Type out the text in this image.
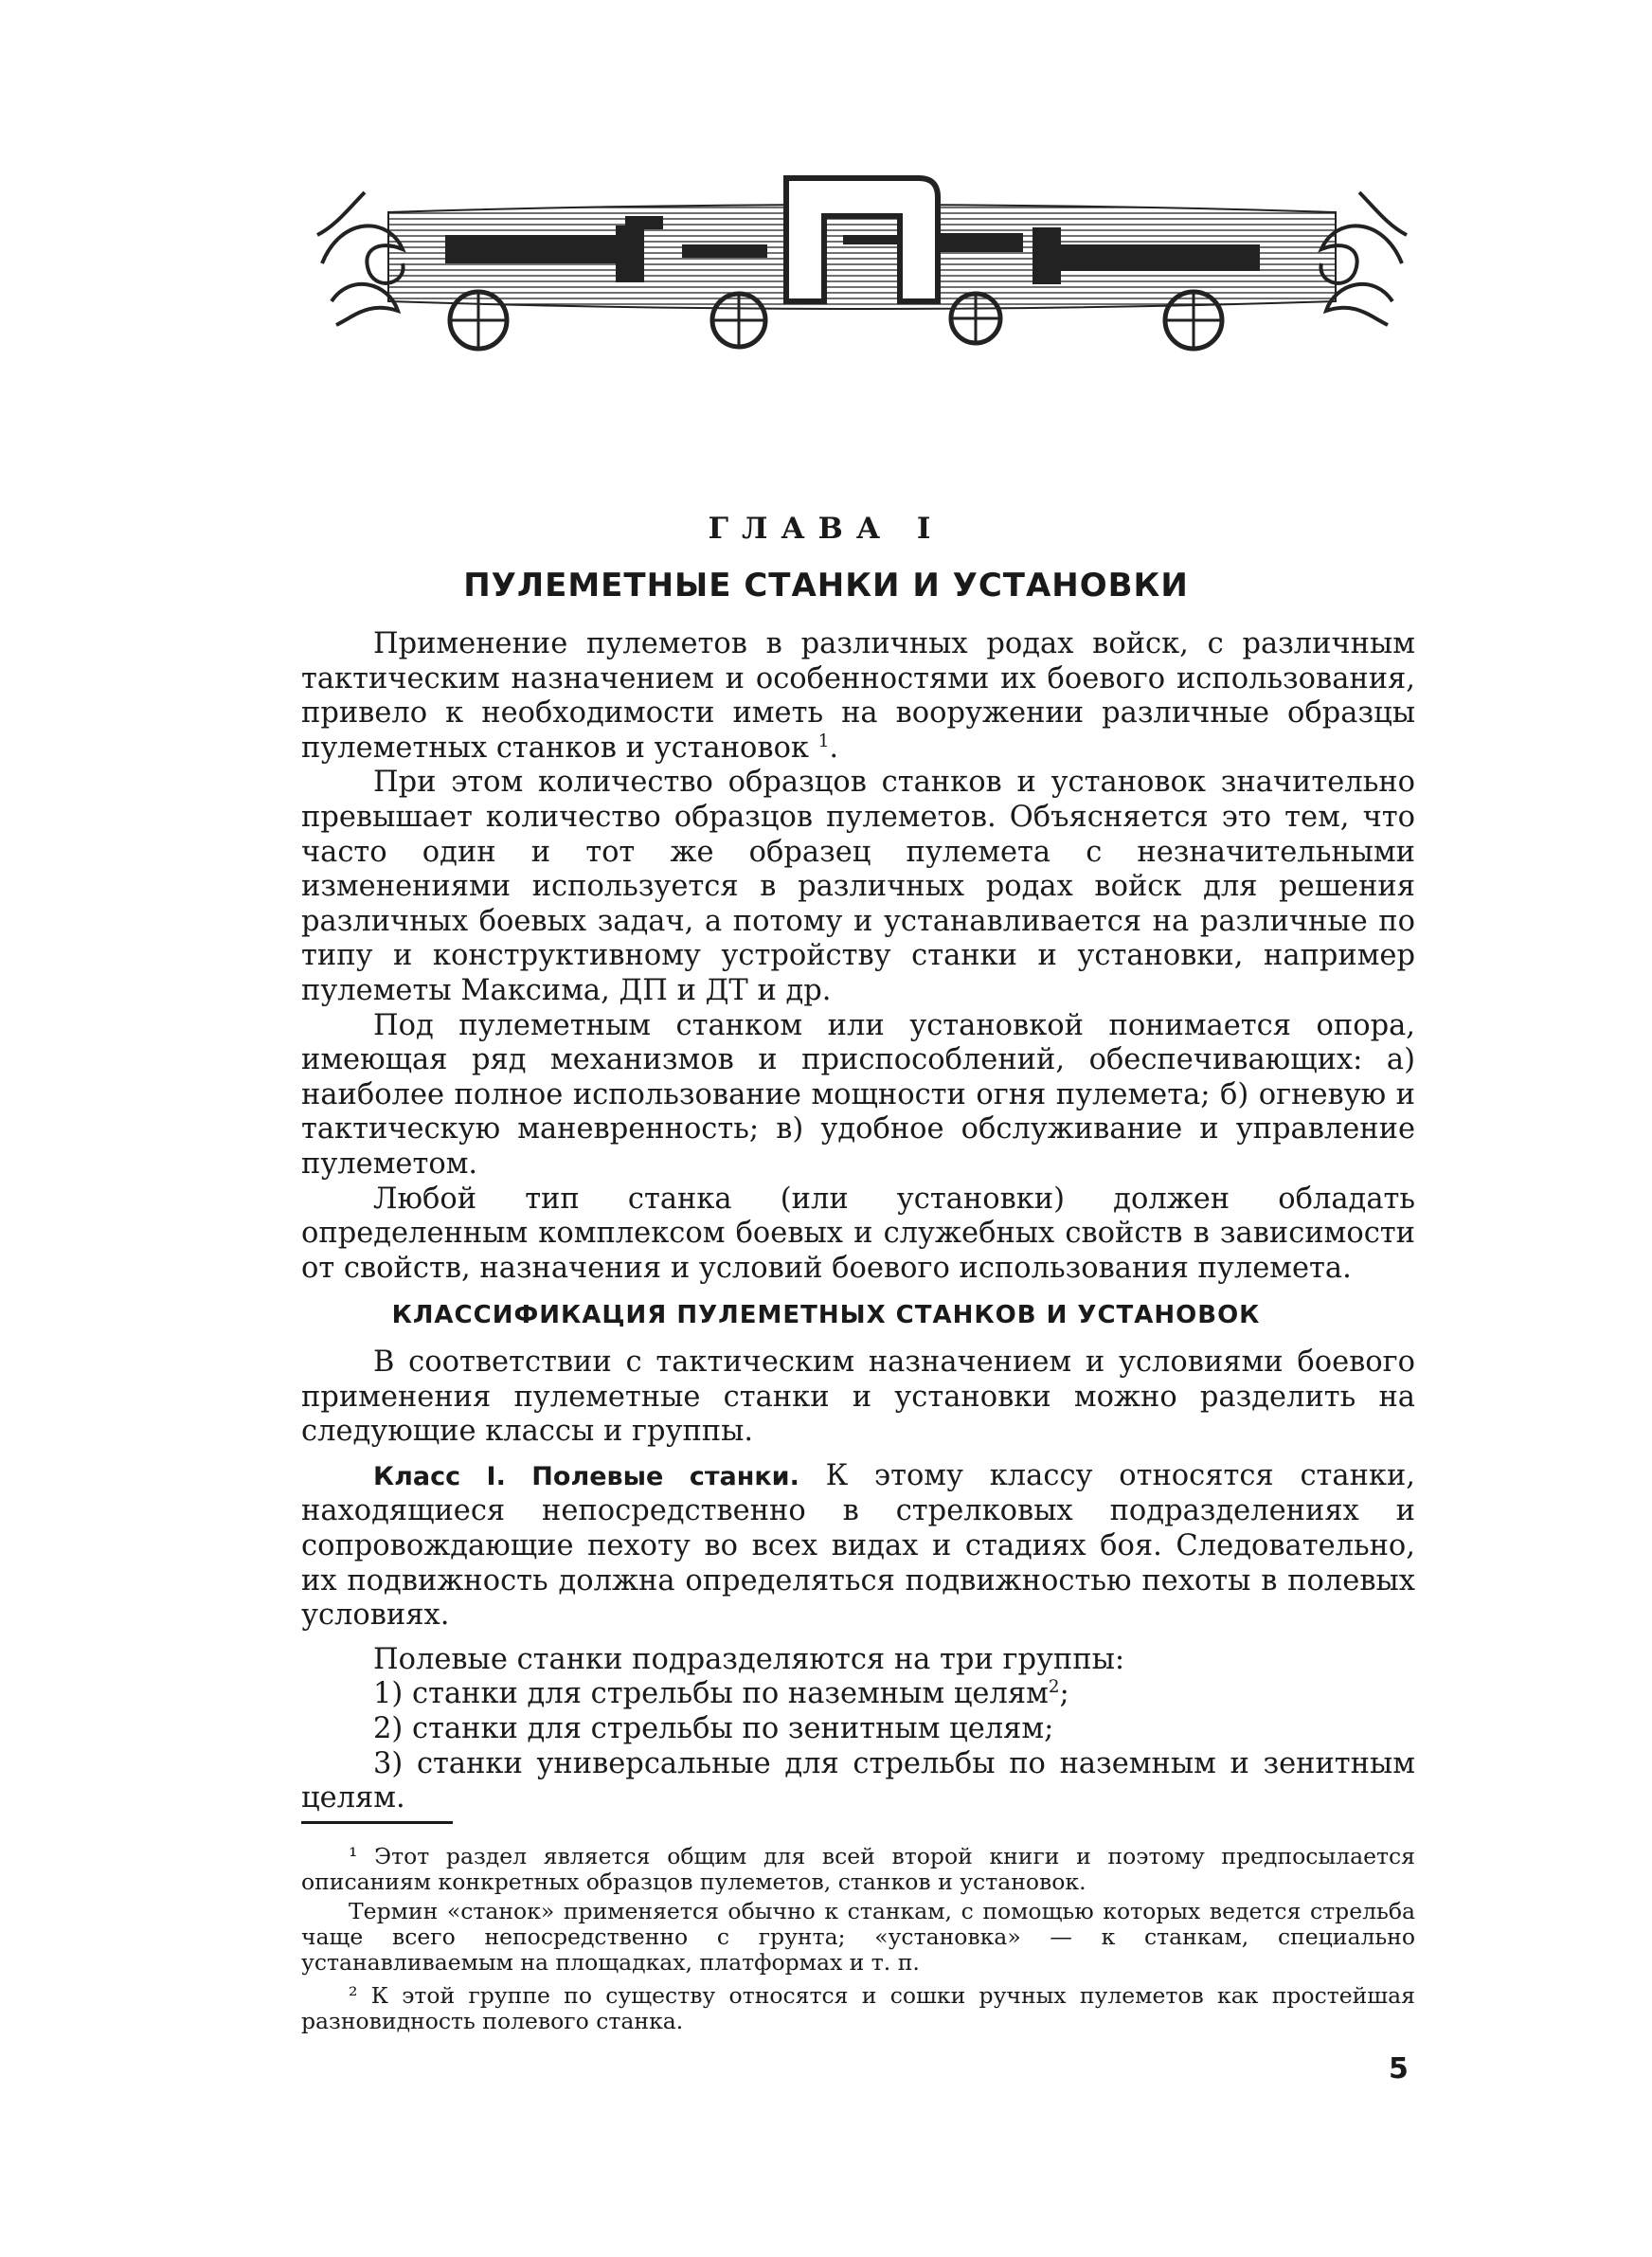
ГЛАВА I
ПУЛЕМЕТНЫЕ СТАНКИ И УСТАНОВКИ

Применение пулеметов в различных родах войск, с различным тактическим назначением и особенностями их боевого использования, привело к необходимости иметь на вооружении различные образцы пулеметных станков и установок $^1$.

При этом количество образцов станков и установок значительно превышает количество образцов пулеметов. Объясняется это тем, что часто один и тот же образец пулемета с незначительными изменениями используется в различных родах войск для решения различных боевых задач, а потому и устанавливается на различные по типу и конструктивному устройству станки и установки, например пулеметы Максима, ДП и ДТ и др.

Под пулеметным станком или установкой понимается опора, имеющая ряд механизмов и приспособлений, обеспечивающих: а) наиболее полное использование мощности огня пулемета; б) огневую и тактическую маневренность; в) удобное обслуживание и управление пулеметом.

Любой тип станка (или установки) должен обладать определенным комплексом боевых и служебных свойств в зависимости от свойств, назначения и условий боевого использования пулемета.

КЛАССИФИКАЦИЯ ПУЛЕМЕТНЫХ СТАНКОВ И УСТАНОВОК

В соответствии с тактическим назначением и условиями боевого применения пулеметные станки и установки можно разделить на следующие классы и группы.

Класс I. Полевые станки. К этому классу относятся станки, находящиеся непосредственно в стрелковых подразделениях и сопровождающие пехоту во всех видах и стадиях боя. Следовательно, их подвижность должна определяться подвижностью пехоты в полевых условиях.

Полевые станки подразделяются на три группы:

1) станки для стрельбы по наземным целям$^2$;

2) станки для стрельбы по зенитным целям;

3) станки универсальные для стрельбы по наземным и зенитным целям.

¹ Этот раздел является общим для всей второй книги и поэтому предпосылается описаниям конкретных образцов пулеметов, станков и установок.

Термин «станок» применяется обычно к станкам, с помощью которых ведется стрельба чаще всего непосредственно с грунта; «установка» — к станкам, специально устанавливаемым на площадках, платформах и т. п.

² К этой группе по существу относятся и сошки ручных пулеметов как простейшая разновидность полевого станка.

5
